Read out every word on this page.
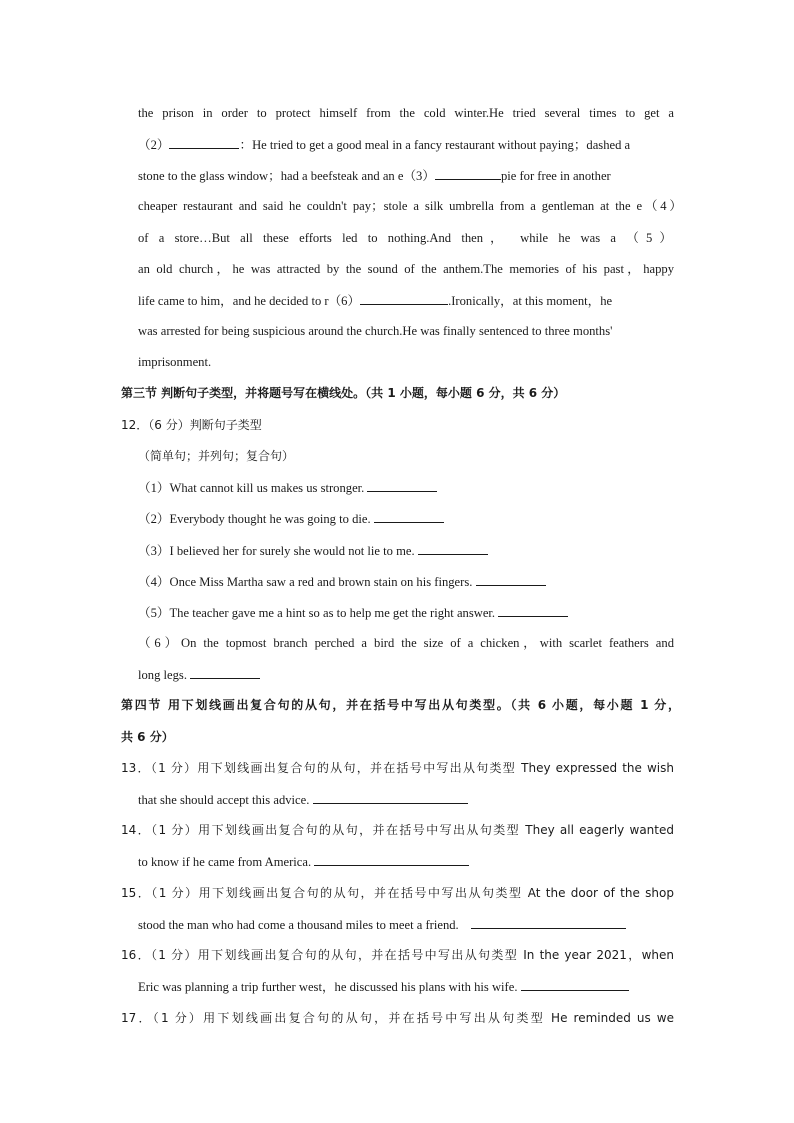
the prison in order to protect himself from the cold winter.He tried several times to get a
（2）	：He tried to get a good meal in a fancy restaurant without paying；dashed a
stone to the glass window；had a beefsteak and an e（3）	pie for free in another
cheaper restaurant and said he couldn't pay；stole a silk umbrella from a gentleman at the e（4）
of a store…But all these efforts led to nothing.And then， while he was a （5）
an old church，he was attracted by the sound of the anthem.The memories of his past，happy
life came to him，and he decided to r（6）	.Ironically，at this moment，he
was arrested for being suspicious around the church.He was finally sentenced to three months'
imprisonment.
第三节 判断句子类型，并将题号写在横线处。（共 1 小题，每小题 6 分，共 6 分）
12．（6 分）判断句子类型
（简单句；并列句；复合句）
（1）What cannot kill us makes us stronger.
（2）Everybody thought he was going to die.
（3）I believed her for surely she would not lie to me.
（4）Once Miss Martha saw a red and brown stain on his fingers.
（5）The teacher gave me a hint so as to help me get the right answer.
（6）On the topmost branch perched a bird the size of a chicken，with scarlet feathers and
long legs.
第四节 用下划线画出复合句的从句，并在括号中写出从句类型。（共 6 小题，每小题 1 分，
共 6 分）
13．（1 分）用下划线画出复合句的从句，并在括号中写出从句类型 They expressed the wish
that she should accept this advice.
14．（1 分）用下划线画出复合句的从句，并在括号中写出从句类型 They all eagerly wanted
to know if he came from America.
15．（1 分）用下划线画出复合句的从句，并在括号中写出从句类型 At the door of the shop
stood the man who had come a thousand miles to meet a friend.
16．（1 分）用下划线画出复合句的从句，并在括号中写出从句类型 In the year 2021，when
Eric was planning a trip further west，he discussed his plans with his wife.
17．（1 分）用下划线画出复合句的从句，并在括号中写出从句类型 He reminded us we
